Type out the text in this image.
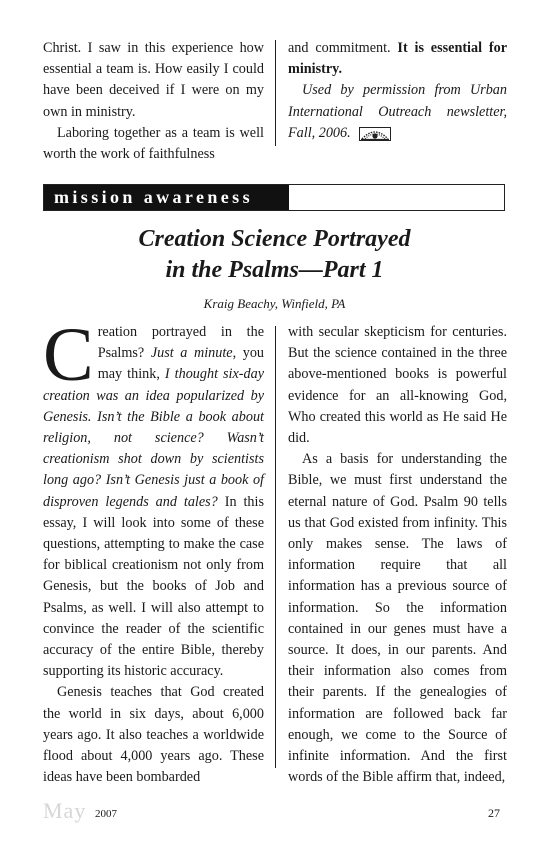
Christ. I saw in this experience how essential a team is. How easily I could have been deceived if I were on my own in ministry.

Laboring together as a team is well worth the work of faithfulness

and commitment. It is essential for ministry.

Used by permission from Urban International Outreach newsletter, Fall, 2006.

mission awareness
Creation Science Portrayed
in the Psalms—Part 1
Kraig Beachy, Winfield, PA

Creation portrayed in the Psalms? Just a minute, you may think, I thought six-day creation was an idea popularized by Genesis. Isn’t the Bible a book about religion, not science? Wasn’t creationism shot down by scientists long ago? Isn’t Genesis just a book of disproven legends and tales? In this essay, I will look into some of these questions, attempting to make the case for biblical creationism not only from Genesis, but the books of Job and Psalms, as well. I will also attempt to convince the reader of the scientific accuracy of the entire Bible, thereby supporting its historic accuracy.

Genesis teaches that God created the world in six days, about 6,000 years ago. It also teaches a worldwide flood about 4,000 years ago. These ideas have been bombarded

with secular skepticism for centuries. But the science contained in the three above-mentioned books is powerful evidence for an all-knowing God, Who created this world as He said He did.

As a basis for understanding the Bible, we must first understand the eternal nature of God. Psalm 90 tells us that God existed from infinity. This only makes sense. The laws of information require that all information has a previous source of information. So the information contained in our genes must have a source. It does, in our parents. And their information also comes from their parents. If the genealogies of information are followed back far enough, we come to the Source of infinite information. And the first words of the Bible affirm that, indeed,

May 2007	27
